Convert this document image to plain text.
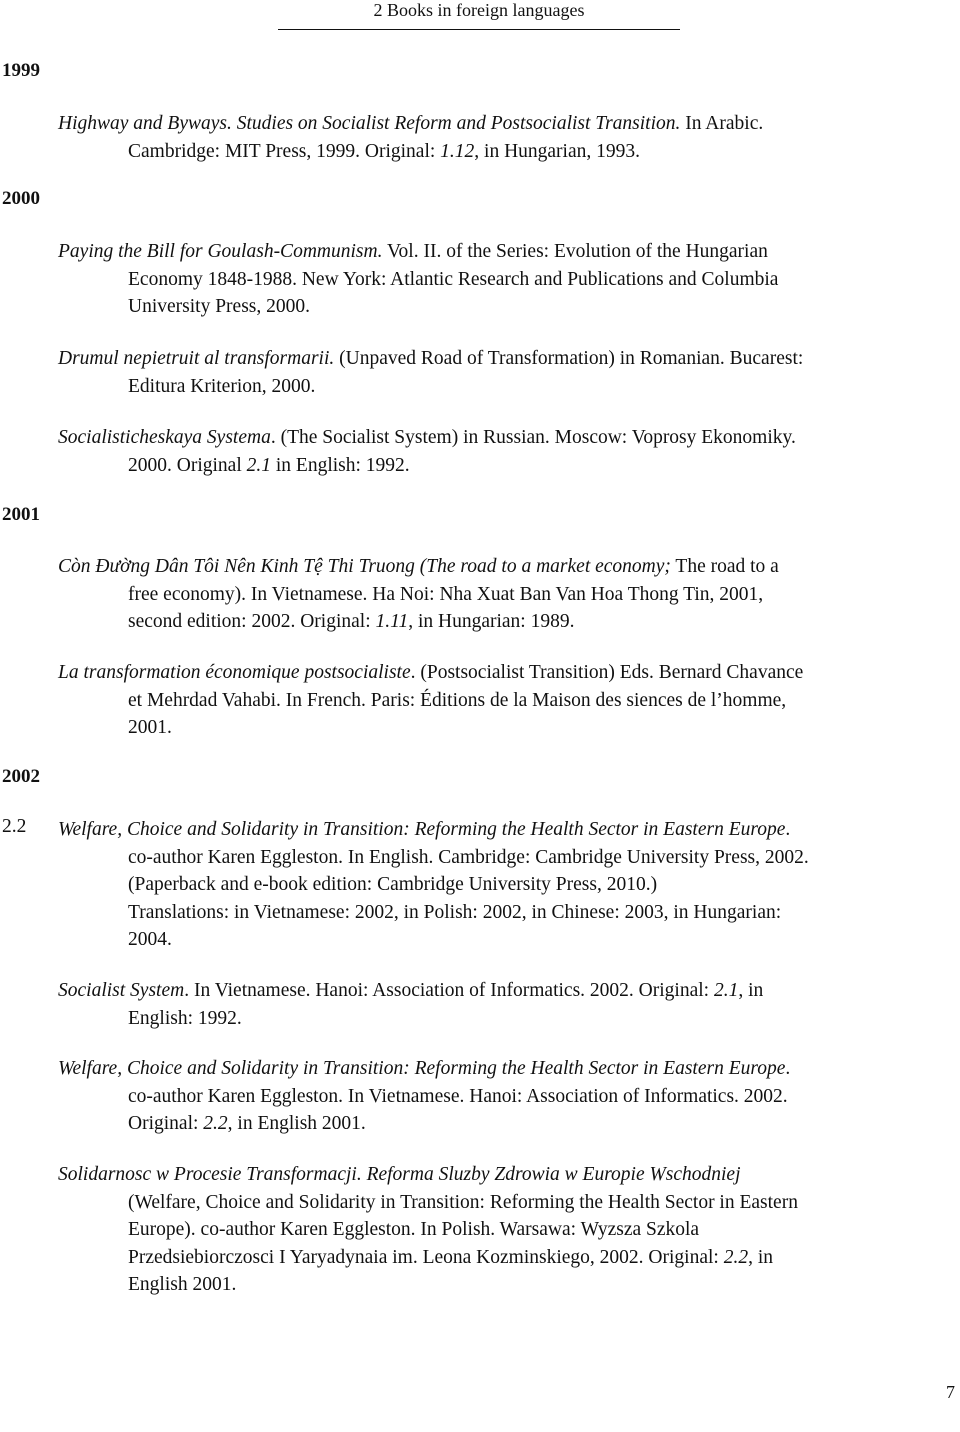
2 Books in foreign languages
1999
2000
2001
2002
Highway and Byways. Studies on Socialist Reform and Postsocialist Transition. In Arabic.
Cambridge: MIT Press, 1999. Original: 1.12, in Hungarian, 1993.
Paying the Bill for Goulash-Communism. Vol. II. of the Series: Evolution of the Hungarian
Economy 1848-1988. New York: Atlantic Research and Publications and Columbia
University Press, 2000.
Drumul nepietruit al transformarii. (Unpaved Road of Transformation) in Romanian. Bucarest:
Editura Kriterion, 2000.
Socialisticheskaya Systema. (The Socialist System) in Russian. Moscow: Voprosy Ekonomiky.
2000. Original 2.1 in English: 1992.
Còn Đường Dân Tôi Nên Kinh Tệ Thi Truong (The road to a market economy; The road to a
free economy). In Vietnamese. Ha Noi: Nha Xuat Ban Van Hoa Thong Tin, 2001,
second edition: 2002. Original: 1.11, in Hungarian: 1989.
La transformation économique postsocialiste. (Postsocialist Transition) Eds. Bernard Chavance
et Mehrdad Vahabi. In French. Paris: Éditions de la Maison des siences de l’homme,
2001.
2.2 Welfare, Choice and Solidarity in Transition: Reforming the Health Sector in Eastern Europe.
co-author Karen Eggleston. In English. Cambridge: Cambridge University Press, 2002.
(Paperback and e-book edition: Cambridge University Press, 2010.)
Translations: in Vietnamese: 2002, in Polish: 2002, in Chinese: 2003, in Hungarian:
2004.
Socialist System. In Vietnamese. Hanoi: Association of Informatics. 2002. Original: 2.1, in
English: 1992.
Welfare, Choice and Solidarity in Transition: Reforming the Health Sector in Eastern Europe.
co-author Karen Eggleston. In Vietnamese. Hanoi: Association of Informatics. 2002.
Original: 2.2, in English 2001.
Solidarnosc w Procesie Transformacji. Reforma Sluzby Zdrowia w Europie Wschodniej
(Welfare, Choice and Solidarity in Transition: Reforming the Health Sector in Eastern
Europe). co-author Karen Eggleston. In Polish. Warsawa: Wyzsza Szkola
Przedsiebiorczosci I Yaryadynaia im. Leona Kozminskiego, 2002. Original: 2.2, in
English 2001.
7
